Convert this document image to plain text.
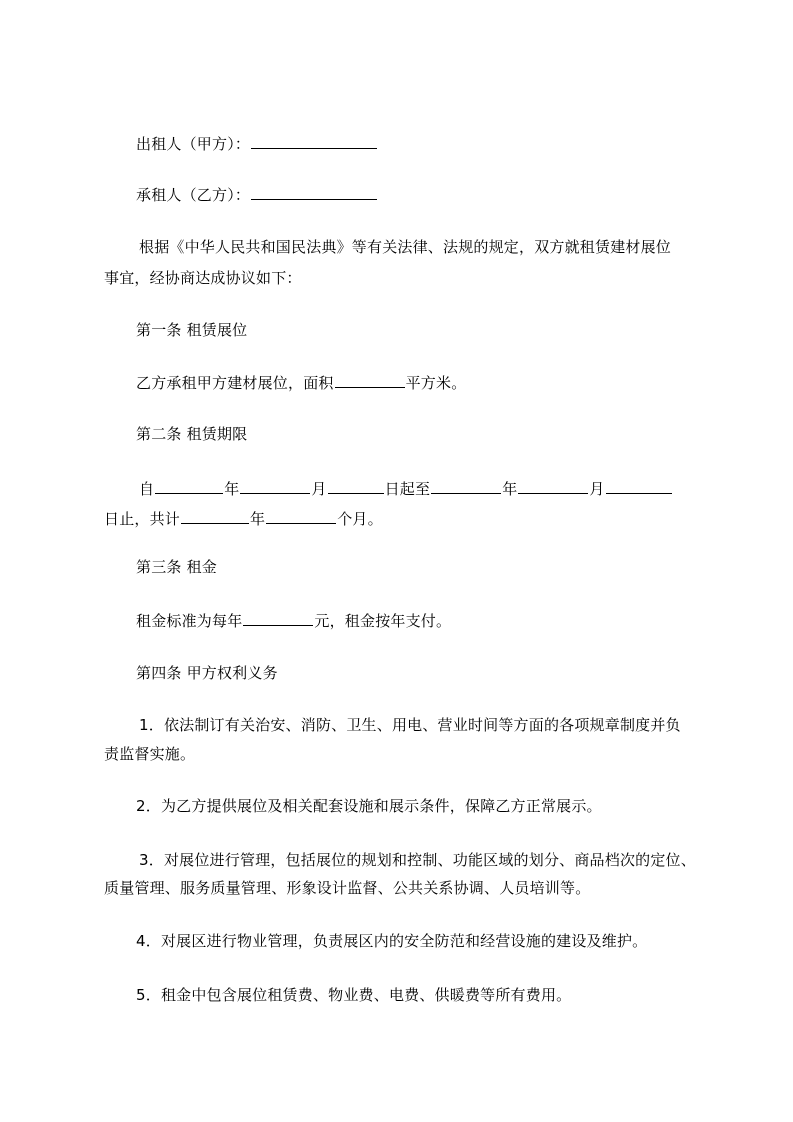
出租人（甲方）：
承租人（乙方）：
根据《中华人民共和国民法典》等有关法律、法规的规定，双方就租赁建材展位
事宜，经协商达成协议如下：
第一条 租赁展位
乙方承租甲方建材展位，面积	平方米。
第二条 租赁期限
自	年	月	日起至	年	月
日止，共计	年	个月。
第三条 租金
租金标准为每年	元，租金按年支付。
第四条 甲方权利义务
1．依法制订有关治安、消防、卫生、用电、营业时间等方面的各项规章制度并负
责监督实施。
2．为乙方提供展位及相关配套设施和展示条件，保障乙方正常展示。
3．对展位进行管理，包括展位的规划和控制、功能区域的划分、商品档次的定位、
质量管理、服务质量管理、形象设计监督、公共关系协调、人员培训等。
4．对展区进行物业管理，负责展区内的安全防范和经营设施的建设及维护。
5．租金中包含展位租赁费、物业费、电费、供暖费等所有费用。
